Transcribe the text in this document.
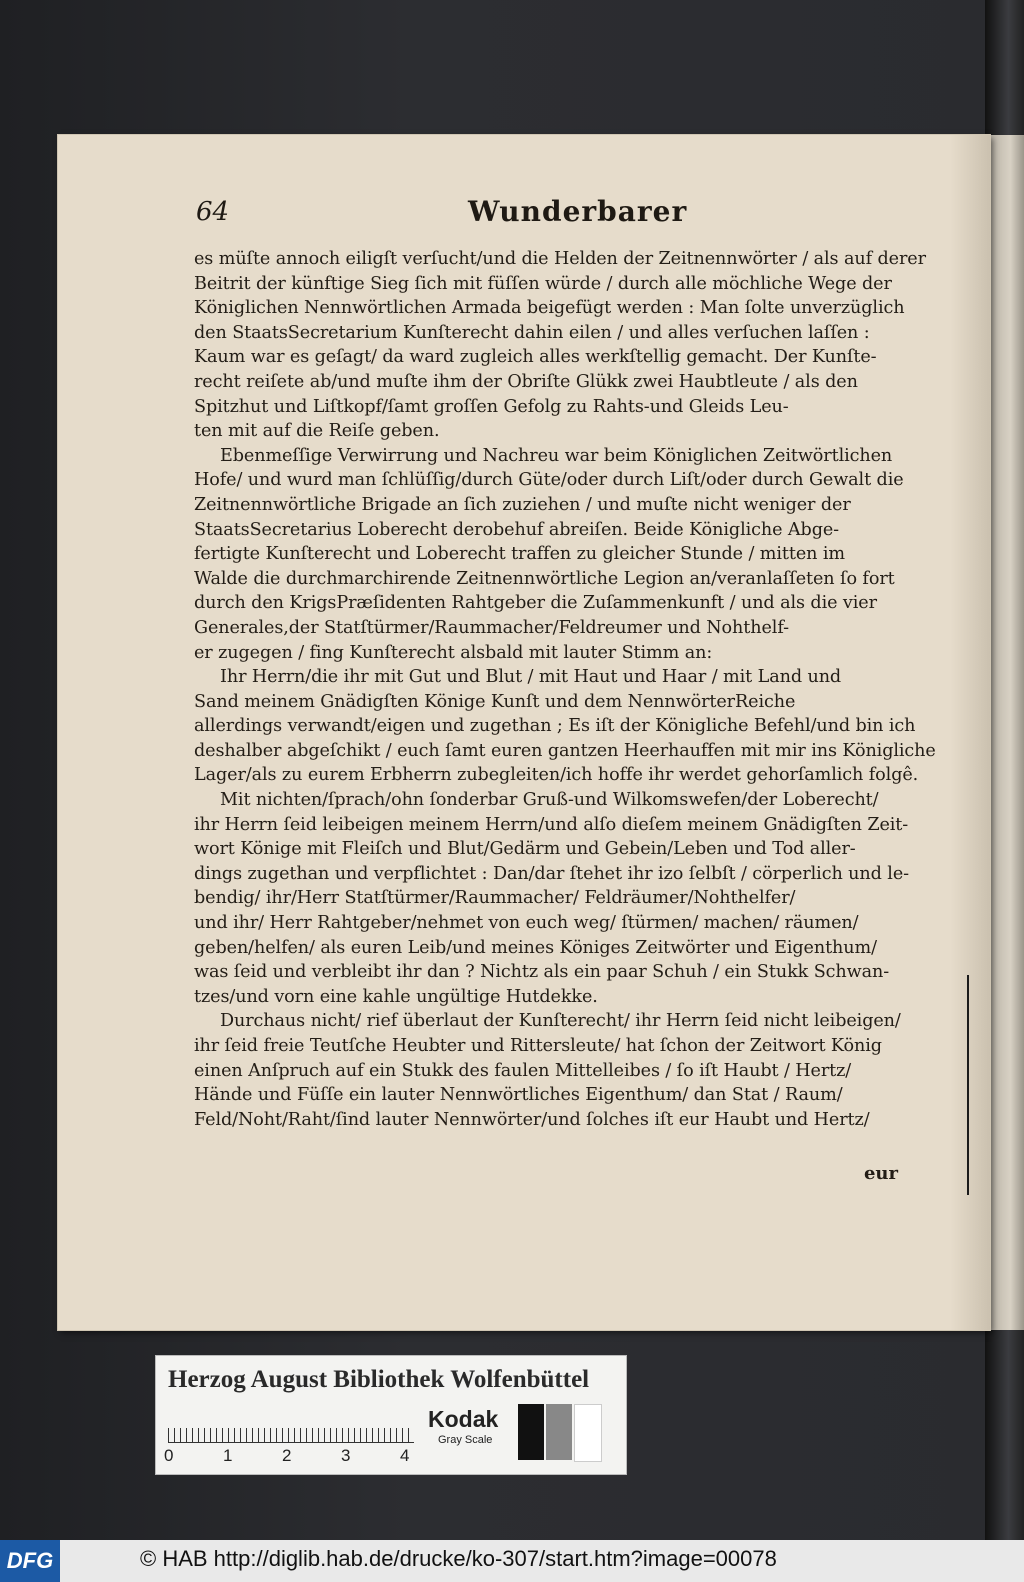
64	Wunderbarer
es müſte annoch eiligſt verſucht/und die Helden der Zeitnennwörter / als auf derer
Beitrit der künftige Sieg ſich mit füſſen würde / durch alle möchliche Wege der
Königlichen Nennwörtlichen Armada beigefügt werden : Man ſolte unverzüglich
den StaatsSecretarium Kunſterecht dahin eilen / und alles verſuchen laſſen :
Kaum war es geſagt/ da ward zugleich alles werkſtellig gemacht. Der Kunſte-
recht reiſete ab/und muſte ihm der Obriſte Glükk zwei Haubtleute / als den
Spitzhut und Liſtkopf/ſamt groſſen Gefolg zu Rahts-und Gleids Leu-
ten mit auf die Reiſe geben.
Ebenmeſſige Verwirrung und Nachreu war beim Königlichen Zeitwörtlichen
Hofe/ und wurd man ſchlüſſig/durch Güte/oder durch Liſt/oder durch Gewalt die
Zeitnennwörtliche Brigade an ſich zuziehen / und muſte nicht weniger der
StaatsSecretarius Loberecht derobehuf abreiſen. Beide Königliche Abge-
fertigte Kunſterecht und Loberecht traffen zu gleicher Stunde / mitten im
Walde die durchmarchirende Zeitnennwörtliche Legion an/veranlaſſeten ſo fort
durch den KrigsPræſidenten Rahtgeber die Zuſammenkunft / und als die vier
Generales,der Statſtürmer/Raummacher/Feldreumer und Nohthelf-
er zugegen / fing Kunſterecht alsbald mit lauter Stimm an:
Ihr Herrn/die ihr mit Gut und Blut / mit Haut und Haar / mit Land und
Sand meinem Gnädigſten Könige Kunſt und dem NennwörterReiche
allerdings verwandt/eigen und zugethan ; Es iſt der Königliche Befehl/und bin ich
deshalber abgeſchikt / euch ſamt euren gantzen Heerhauffen mit mir ins Königliche
Lager/als zu eurem Erbherrn zubegleiten/ich hoffe ihr werdet gehorſamlich folgê.
Mit nichten/ſprach/ohn ſonderbar Gruß-und Wilkomswefen/der Loberecht/
ihr Herrn ſeid leibeigen meinem Herrn/und alſo dieſem meinem Gnädigſten Zeit-
wort Könige mit Fleiſch und Blut/Gedärm und Gebein/Leben und Tod aller-
dings zugethan und verpflichtet : Dan/dar ſtehet ihr izo ſelbſt / cörperlich und le-
bendig/ ihr/Herr Statſtürmer/Raummacher/ Feldräumer/Nohthelfer/
und ihr/ Herr Rahtgeber/nehmet von euch weg/ ſtürmen/ machen/ räumen/
geben/helfen/ als euren Leib/und meines Königes Zeitwörter und Eigenthum/
was ſeid und verbleibt ihr dan ? Nichtz als ein paar Schuh / ein Stukk Schwan-
tzes/und vorn eine kahle ungültige Hutdekke.
Durchaus nicht/ rief überlaut der Kunſterecht/ ihr Herrn ſeid nicht leibeigen/
ihr ſeid freie Teutſche Heubter und Rittersleute/ hat ſchon der Zeitwort König
einen Anſpruch auf ein Stukk des faulen Mittelleibes / ſo iſt Haubt / Hertz/
Hände und Füſſe ein lauter Nennwörtliches Eigenthum/ dan Stat / Raum/
Feld/Noht/Raht/ſind lauter Nennwörter/und ſolches iſt eur Haubt und Hertz/
eur
Herzog August Bibliothek Wolfenbüttel
0	1	2	3	4
Kodak
Gray Scale
DFG	© HAB http://diglib.hab.de/drucke/ko-307/start.htm?image=00078
